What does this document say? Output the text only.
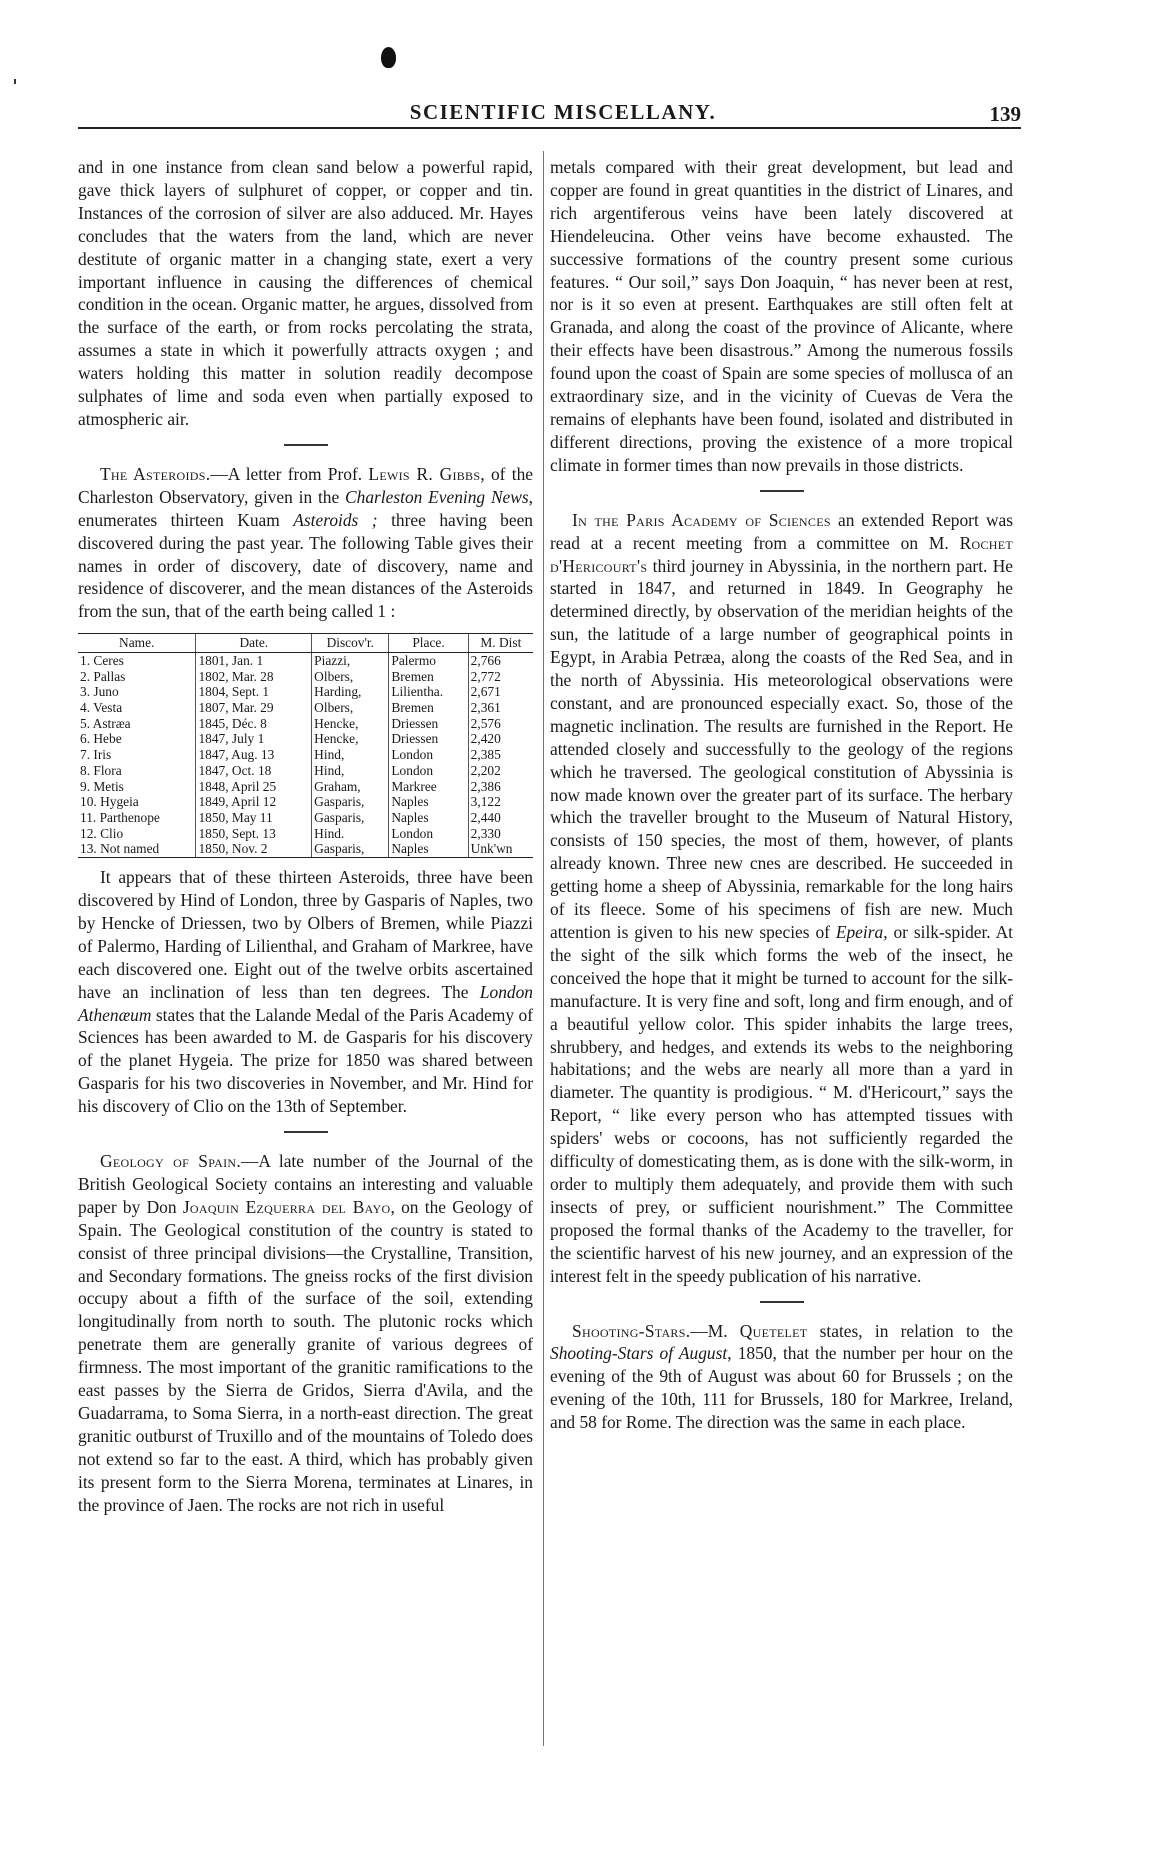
SCIENTIFIC MISCELLANY.	139

and in one instance from clean sand below a powerful rapid, gave thick layers of sulphuret of copper, or copper and tin. Instances of the corrosion of silver are also adduced. Mr. Hayes concludes that the waters from the land, which are never destitute of organic matter in a changing state, exert a very important influence in causing the differences of chemical condition in the ocean. Organic matter, he argues, dissolved from the surface of the earth, or from rocks percolating the strata, assumes a state in which it powerfully attracts oxygen ; and waters holding this matter in solution readily decompose sulphates of lime and soda even when partially exposed to atmospheric air.

The Asteroids.—A letter from Prof. Lewis R. Gibbs, of the Charleston Observatory, given in the Charleston Evening News, enumerates thirteen Kuam Asteroids ; three having been discovered during the past year. The following Table gives their names in order of discovery, date of discovery, name and residence of discoverer, and the mean distances of the Asteroids from the sun, that of the earth being called 1 :

Name.	Date.	Discov'r.	Place.	M. Dist
1. Ceres	1801, Jan. 1	Piazzi,	Palermo	2,766
2. Pallas	1802, Mar. 28	Olbers,	Bremen	2,772
3. Juno	1804, Sept. 1	Harding,	Lilientha.	2,671
4. Vesta	1807, Mar. 29	Olbers,	Bremen	2,361
5. Astræa	1845, Déc. 8	Hencke,	Driessen	2,576
6. Hebe	1847, July 1	Hencke,	Driessen	2,420
7. Iris	1847, Aug. 13	Hind,	London	2,385
8. Flora	1847, Oct. 18	Hind,	London	2,202
9. Metis	1848, April 25	Graham,	Markree	2,386
10. Hygeia	1849, April 12	Gasparis,	Naples	3,122
11. Parthenope	1850, May 11	Gasparis,	Naples	2,440
12. Clio	1850, Sept. 13	Hind.	London	2,330
13. Not named	1850, Nov. 2	Gasparis,	Naples	Unk'wn

It appears that of these thirteen Asteroids, three have been discovered by Hind of London, three by Gasparis of Naples, two by Hencke of Driessen, two by Olbers of Bremen, while Piazzi of Palermo, Harding of Lilienthal, and Graham of Markree, have each discovered one. Eight out of the twelve orbits ascertained have an inclination of less than ten degrees. The London Athenæum states that the Lalande Medal of the Paris Academy of Sciences has been awarded to M. de Gasparis for his discovery of the planet Hygeia. The prize for 1850 was shared between Gasparis for his two discoveries in November, and Mr. Hind for his discovery of Clio on the 13th of September.

Geology of Spain.—A late number of the Journal of the British Geological Society contains an interesting and valuable paper by Don Joaquin Ezquerra del Bayo, on the Geology of Spain. The Geological constitution of the country is stated to consist of three principal divisions—the Crystalline, Transition, and Secondary formations. The gneiss rocks of the first division occupy about a fifth of the surface of the soil, extending longitudinally from north to south. The plutonic rocks which penetrate them are generally granite of various degrees of firmness. The most important of the granitic ramifications to the east passes by the Sierra de Gridos, Sierra d'Avila, and the Guadarrama, to Soma Sierra, in a north-east direction. The great granitic outburst of Truxillo and of the mountains of Toledo does not extend so far to the east. A third, which has probably given its present form to the Sierra Morena, terminates at Linares, in the province of Jaen. The rocks are not rich in useful

metals compared with their great development, but lead and copper are found in great quantities in the district of Linares, and rich argentiferous veins have been lately discovered at Hiendeleucina. Other veins have become exhausted. The successive formations of the country present some curious features. “ Our soil,” says Don Joaquin, “ has never been at rest, nor is it so even at present. Earthquakes are still often felt at Granada, and along the coast of the province of Alicante, where their effects have been disastrous.” Among the numerous fossils found upon the coast of Spain are some species of mollusca of an extraordinary size, and in the vicinity of Cuevas de Vera the remains of elephants have been found, isolated and distributed in different directions, proving the existence of a more tropical climate in former times than now prevails in those districts.

In the Paris Academy of Sciences an extended Report was read at a recent meeting from a committee on M. Rochet d'Hericourt's third journey in Abyssinia, in the northern part. He started in 1847, and returned in 1849. In Geography he determined directly, by observation of the meridian heights of the sun, the latitude of a large number of geographical points in Egypt, in Arabia Petræa, along the coasts of the Red Sea, and in the north of Abyssinia. His meteorological observations were constant, and are pronounced especially exact. So, those of the magnetic inclination. The results are furnished in the Report. He attended closely and successfully to the geology of the regions which he traversed. The geological constitution of Abyssinia is now made known over the greater part of its surface. The herbary which the traveller brought to the Museum of Natural History, consists of 150 species, the most of them, however, of plants already known. Three new cnes are described. He succeeded in getting home a sheep of Abyssinia, remarkable for the long hairs of its fleece. Some of his specimens of fish are new. Much attention is given to his new species of Epeira, or silk-spider. At the sight of the silk which forms the web of the insect, he conceived the hope that it might be turned to account for the silk-manufacture. It is very fine and soft, long and firm enough, and of a beautiful yellow color. This spider inhabits the large trees, shrubbery, and hedges, and extends its webs to the neighboring habitations; and the webs are nearly all more than a yard in diameter. The quantity is prodigious. “ M. d'Hericourt,” says the Report, “ like every person who has attempted tissues with spiders' webs or cocoons, has not sufficiently regarded the difficulty of domesticating them, as is done with the silk-worm, in order to multiply them adequately, and provide them with such insects of prey, or sufficient nourishment.” The Committee proposed the formal thanks of the Academy to the traveller, for the scientific harvest of his new journey, and an expression of the interest felt in the speedy publication of his narrative.

Shooting-Stars.—M. Quetelet states, in relation to the Shooting-Stars of August, 1850, that the number per hour on the evening of the 9th of August was about 60 for Brussels ; on the evening of the 10th, 111 for Brussels, 180 for Markree, Ireland, and 58 for Rome. The direction was the same in each place.
